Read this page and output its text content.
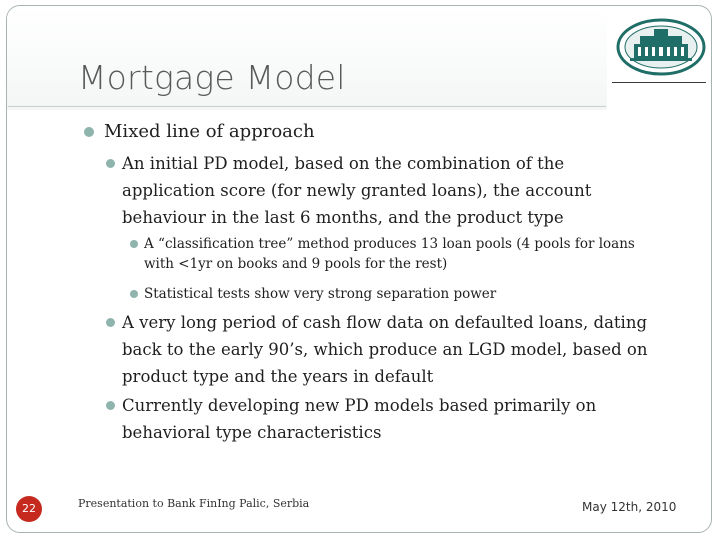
Mortgage Model

Mixed line of approach

An initial PD model, based on the combination of the application score (for newly granted loans), the account behaviour in the last 6 months, and the product type

A “classification tree” method produces 13 loan pools (4 pools for loans with <1yr on books and 9 pools for the rest)

Statistical tests show very strong separation power

A very long period of cash flow data on defaulted loans, dating back to the early 90’s, which produce an LGD model, based on product type and the years in default

Currently developing new PD models based primarily on behavioral type characteristics

22	Presentation to Bank FinIng Palic, Serbia	May 12th, 2010
